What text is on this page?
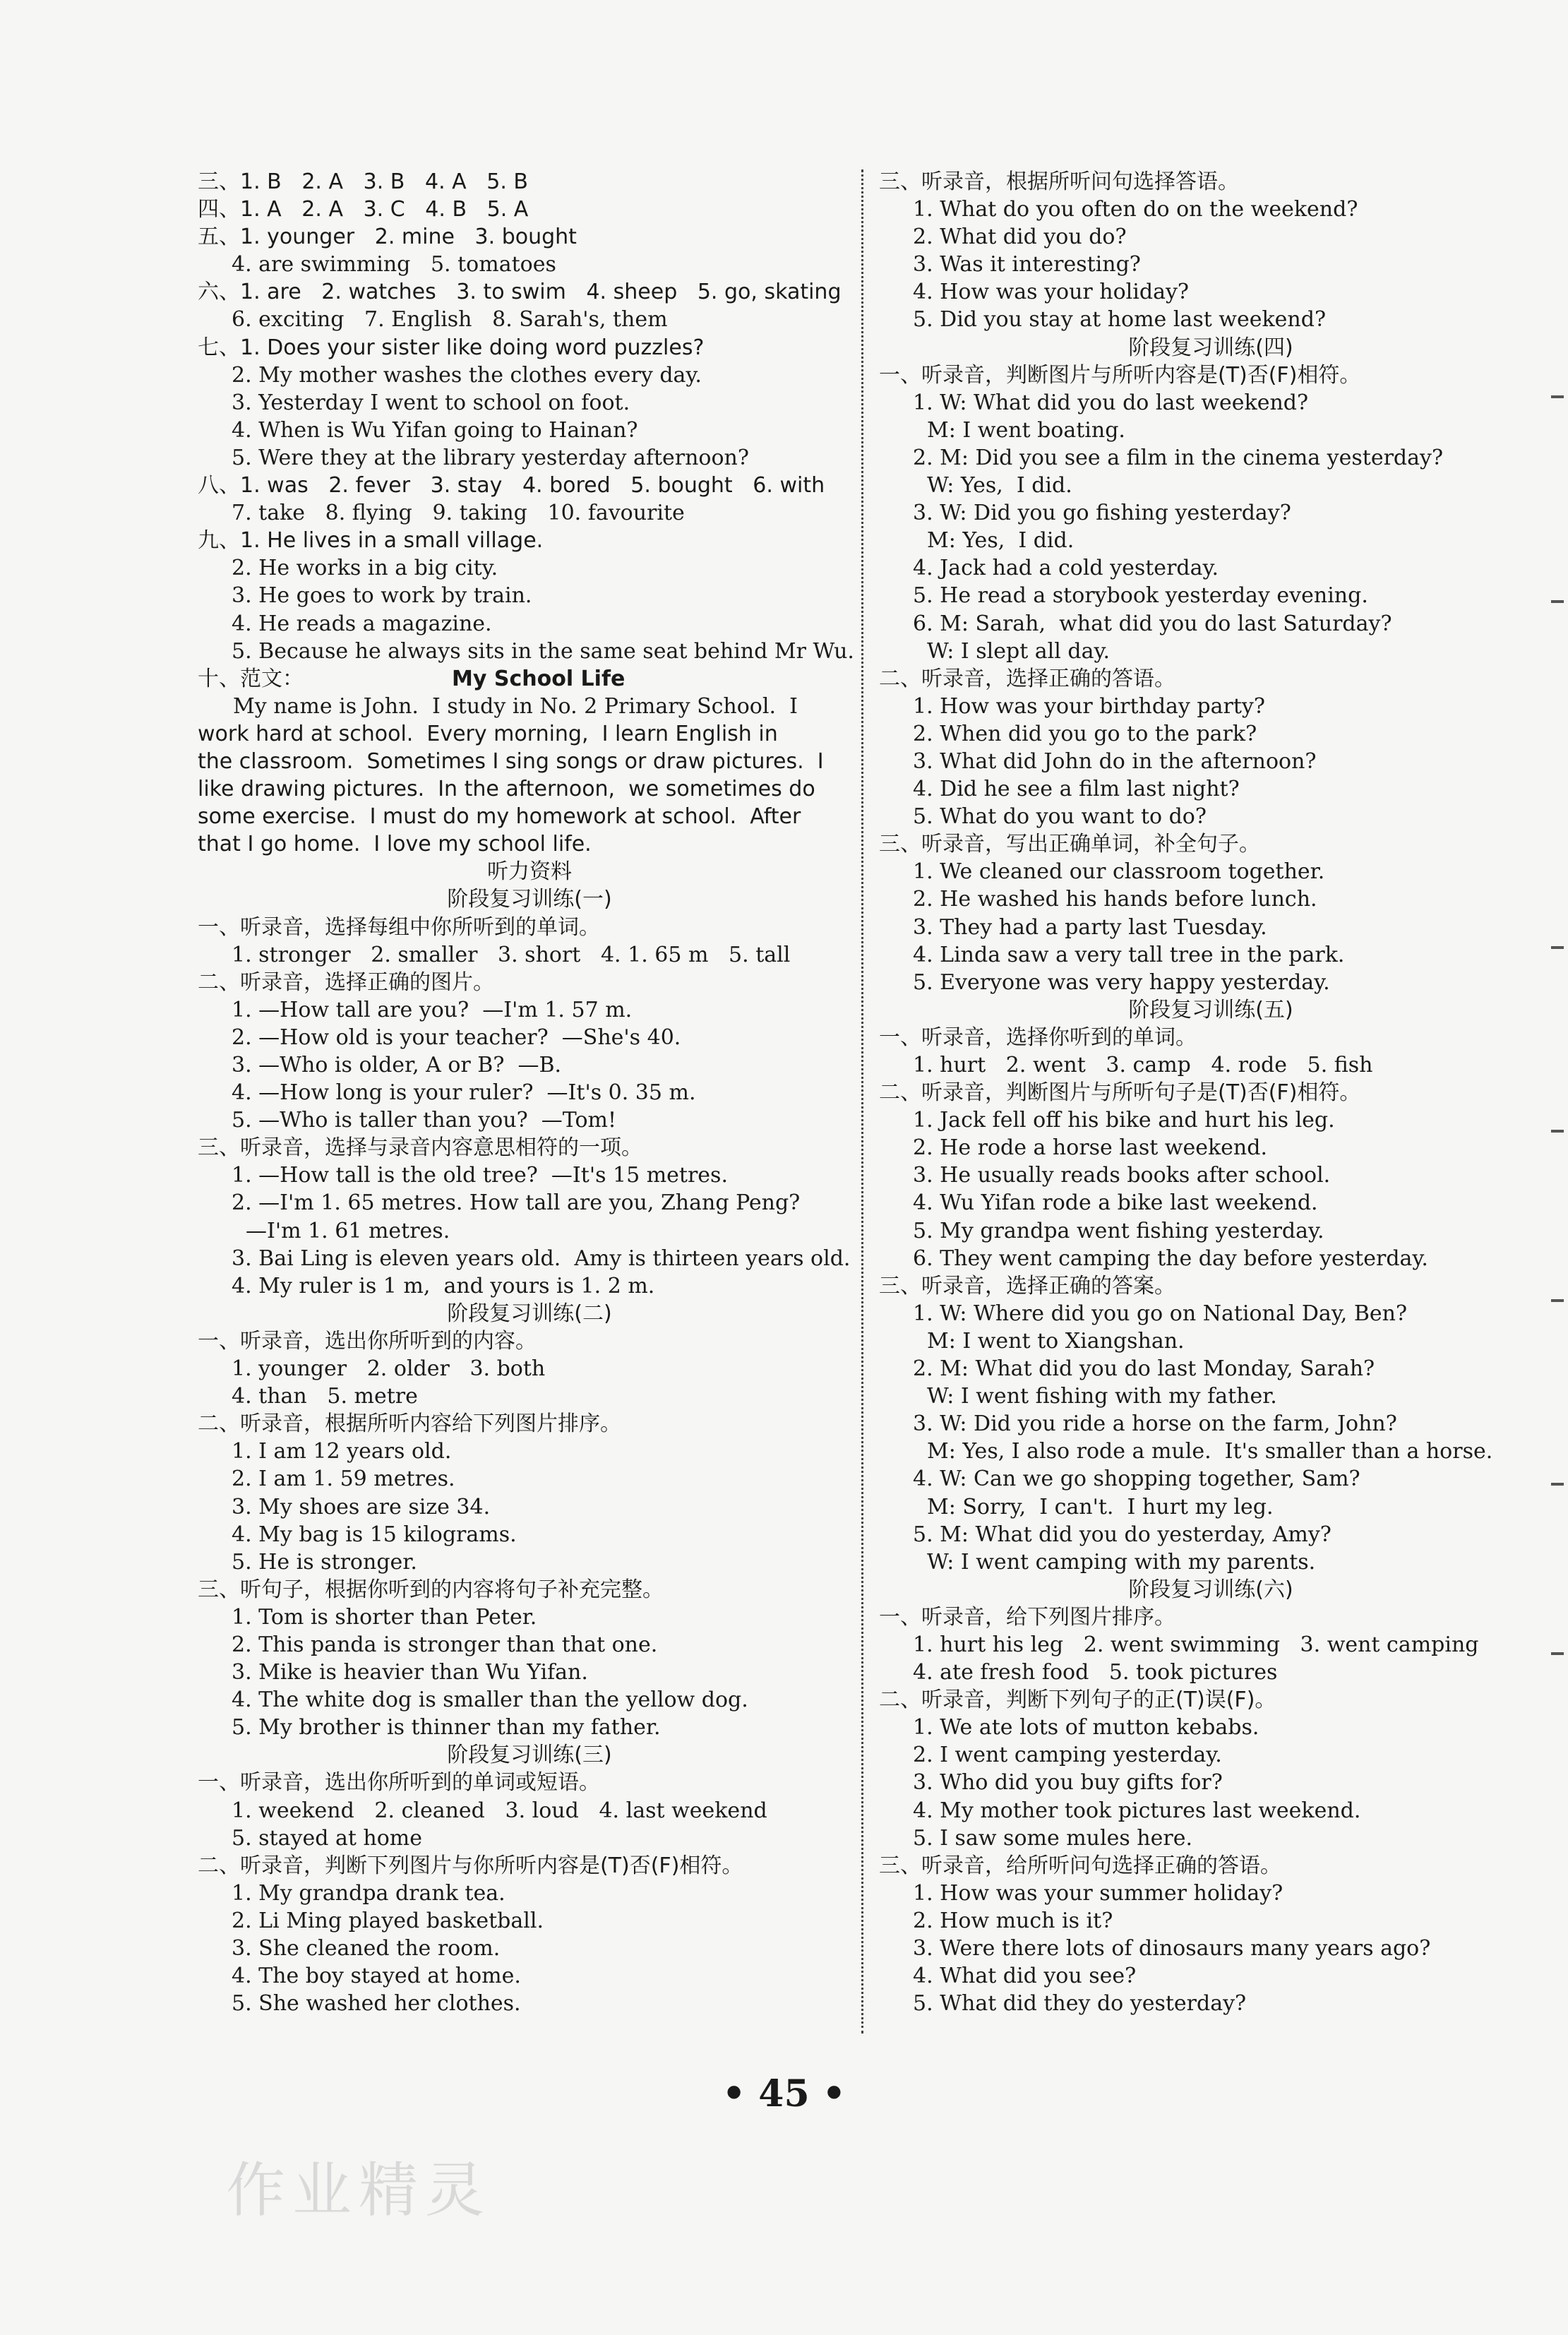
三、1. B   2. A   3. B   4. A   5. B
四、1. A   2. A   3. C   4. B   5. A
五、1. younger   2. mine   3. bought
4. are swimming   5. tomatoes
六、1. are   2. watches   3. to swim   4. sheep   5. go, skating
6. exciting   7. English   8. Sarah's, them
七、1. Does your sister like doing word puzzles?
2. My mother washes the clothes every day.
3. Yesterday I went to school on foot.
4. When is Wu Yifan going to Hainan?
5. Were they at the library yesterday afternoon?
八、1. was   2. fever   3. stay   4. bored   5. bought   6. with
7. take   8. flying   9. taking   10. favourite
九、1. He lives in a small village.
2. He works in a big city.
3. He goes to work by train.
4. He reads a magazine.
5. Because he always sits in the same seat behind Mr Wu.
十、范文：	My School Life
My name is John.  I study in No. 2 Primary School.  I
work hard at school.  Every morning,  I learn English in
the classroom.  Sometimes I sing songs or draw pictures.  I
like drawing pictures.  In the afternoon,  we sometimes do
some exercise.  I must do my homework at school.  After
that I go home.  I love my school life.
听力资料
阶段复习训练(一)
一、听录音，选择每组中你所听到的单词。
1. stronger   2. smaller   3. short   4. 1. 65 m   5. tall
二、听录音，选择正确的图片。
1. —How tall are you?  —I'm 1. 57 m.
2. —How old is your teacher?  —She's 40.
3. —Who is older, A or B?  —B.
4. —How long is your ruler?  —It's 0. 35 m.
5. —Who is taller than you?  —Tom!
三、听录音，选择与录音内容意思相符的一项。
1. —How tall is the old tree?  —It's 15 metres.
2. —I'm 1. 65 metres. How tall are you, Zhang Peng?
—I'm 1. 61 metres.
3. Bai Ling is eleven years old.  Amy is thirteen years old.
4. My ruler is 1 m,  and yours is 1. 2 m.
阶段复习训练(二)
一、听录音，选出你所听到的内容。
1. younger   2. older   3. both
4. than   5. metre
二、听录音，根据所听内容给下列图片排序。
1. I am 12 years old.
2. I am 1. 59 metres.
3. My shoes are size 34.
4. My bag is 15 kilograms.
5. He is stronger.
三、听句子，根据你听到的内容将句子补充完整。
1. Tom is shorter than Peter.
2. This panda is stronger than that one.
3. Mike is heavier than Wu Yifan.
4. The white dog is smaller than the yellow dog.
5. My brother is thinner than my father.
阶段复习训练(三)
一、听录音，选出你所听到的单词或短语。
1. weekend   2. cleaned   3. loud   4. last weekend
5. stayed at home
二、听录音，判断下列图片与你所听内容是(T)否(F)相符。
1. My grandpa drank tea.
2. Li Ming played basketball.
3. She cleaned the room.
4. The boy stayed at home.
5. She washed her clothes.
三、听录音，根据所听问句选择答语。
1. What do you often do on the weekend?
2. What did you do?
3. Was it interesting?
4. How was your holiday?
5. Did you stay at home last weekend?
阶段复习训练(四)
一、听录音，判断图片与所听内容是(T)否(F)相符。
1. W: What did you do last weekend?
M: I went boating.
2. M: Did you see a film in the cinema yesterday?
W: Yes,  I did.
3. W: Did you go fishing yesterday?
M: Yes,  I did.
4. Jack had a cold yesterday.
5. He read a storybook yesterday evening.
6. M: Sarah,  what did you do last Saturday?
W: I slept all day.
二、听录音，选择正确的答语。
1. How was your birthday party?
2. When did you go to the park?
3. What did John do in the afternoon?
4. Did he see a film last night?
5. What do you want to do?
三、听录音，写出正确单词，补全句子。
1. We cleaned our classroom together.
2. He washed his hands before lunch.
3. They had a party last Tuesday.
4. Linda saw a very tall tree in the park.
5. Everyone was very happy yesterday.
阶段复习训练(五)
一、听录音，选择你听到的单词。
1. hurt   2. went   3. camp   4. rode   5. fish
二、听录音，判断图片与所听句子是(T)否(F)相符。
1. Jack fell off his bike and hurt his leg.
2. He rode a horse last weekend.
3. He usually reads books after school.
4. Wu Yifan rode a bike last weekend.
5. My grandpa went fishing yesterday.
6. They went camping the day before yesterday.
三、听录音，选择正确的答案。
1. W: Where did you go on National Day, Ben?
M: I went to Xiangshan.
2. M: What did you do last Monday, Sarah?
W: I went fishing with my father.
3. W: Did you ride a horse on the farm, John?
M: Yes, I also rode a mule.  It's smaller than a horse.
4. W: Can we go shopping together, Sam?
M: Sorry,  I can't.  I hurt my leg.
5. M: What did you do yesterday, Amy?
W: I went camping with my parents.
阶段复习训练(六)
一、听录音，给下列图片排序。
1. hurt his leg   2. went swimming   3. went camping
4. ate fresh food   5. took pictures
二、听录音，判断下列句子的正(T)误(F)。
1. We ate lots of mutton kebabs.
2. I went camping yesterday.
3. Who did you buy gifts for?
4. My mother took pictures last weekend.
5. I saw some mules here.
三、听录音，给所听问句选择正确的答语。
1. How was your summer holiday?
2. How much is it?
3. Were there lots of dinosaurs many years ago?
4. What did you see?
5. What did they do yesterday?
• 45 •
作业精灵
